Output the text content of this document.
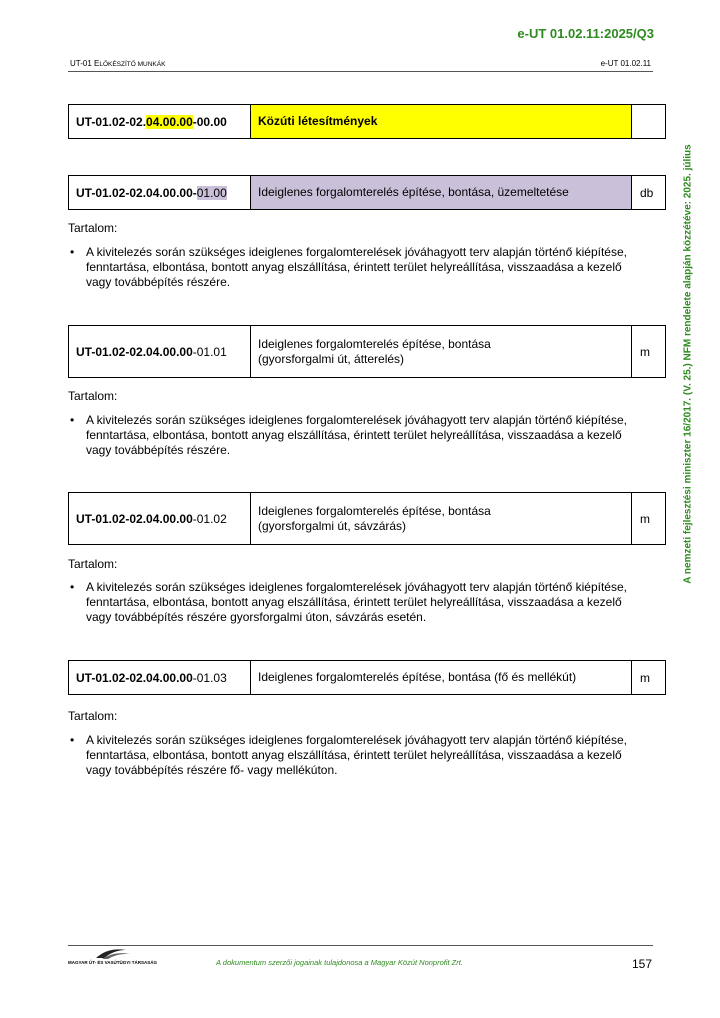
e-UT 01.02.11:2025/Q3
UT-01 ELŐKÉSZÍTŐ MUNKÁK	e-UT 01.02.11
A nemzeti fejlesztési miniszter 16/2017. (V. 25.) NFM rendelete alapján közzétéve: 2025. július
UT-01.02-02. 04.00.00 -00.00	Közúti létesítmények
UT-01.02-02.04.00.00- 01.00	Ideiglenes forgalomterelés építése, bontása, üzemeltetése	db
Tartalom:
• A kivitelezés során szükséges ideiglenes forgalomterelések jóváhagyott terv alapján történő kiépítése, fenntartása, elbontása, bontott anyag elszállítása, érintett terület helyreállítása, visszaadása a kezelő vagy továbbépítés részére.
UT-01.02-02.04.00.00 -01.01
Ideiglenes forgalomterelés építése, bontása
(gyorsforgalmi út, átterelés)	m
Tartalom:
• A kivitelezés során szükséges ideiglenes forgalomterelések jóváhagyott terv alapján történő kiépítése, fenntartása, elbontása, bontott anyag elszállítása, érintett terület helyreállítása, visszaadása a kezelő vagy továbbépítés részére.
UT-01.02-02.04.00.00 -01.02
Ideiglenes forgalomterelés építése, bontása
(gyorsforgalmi út, sávzárás)	m
Tartalom:
• A kivitelezés során szükséges ideiglenes forgalomterelések jóváhagyott terv alapján történő kiépítése, fenntartása, elbontása, bontott anyag elszállítása, érintett terület helyreállítása, visszaadása a kezelő vagy továbbépítés részére gyorsforgalmi úton, sávzárás esetén.
UT-01.02-02.04.00.00 -01.03	Ideiglenes forgalomterelés építése, bontása (fő és mellékút)	m
Tartalom:
• A kivitelezés során szükséges ideiglenes forgalomterelések jóváhagyott terv alapján történő kiépítése, fenntartása, elbontása, bontott anyag elszállítása, érintett terület helyreállítása, visszaadása a kezelő vagy továbbépítés részére fő- vagy mellékúton.
MAGYAR ÚT- ÉS VASÚTÜGYI TÁRSASÁG	A dokumentum szerzői jogainak tulajdonosa a Magyar Közút Nonprofit Zrt.	157
